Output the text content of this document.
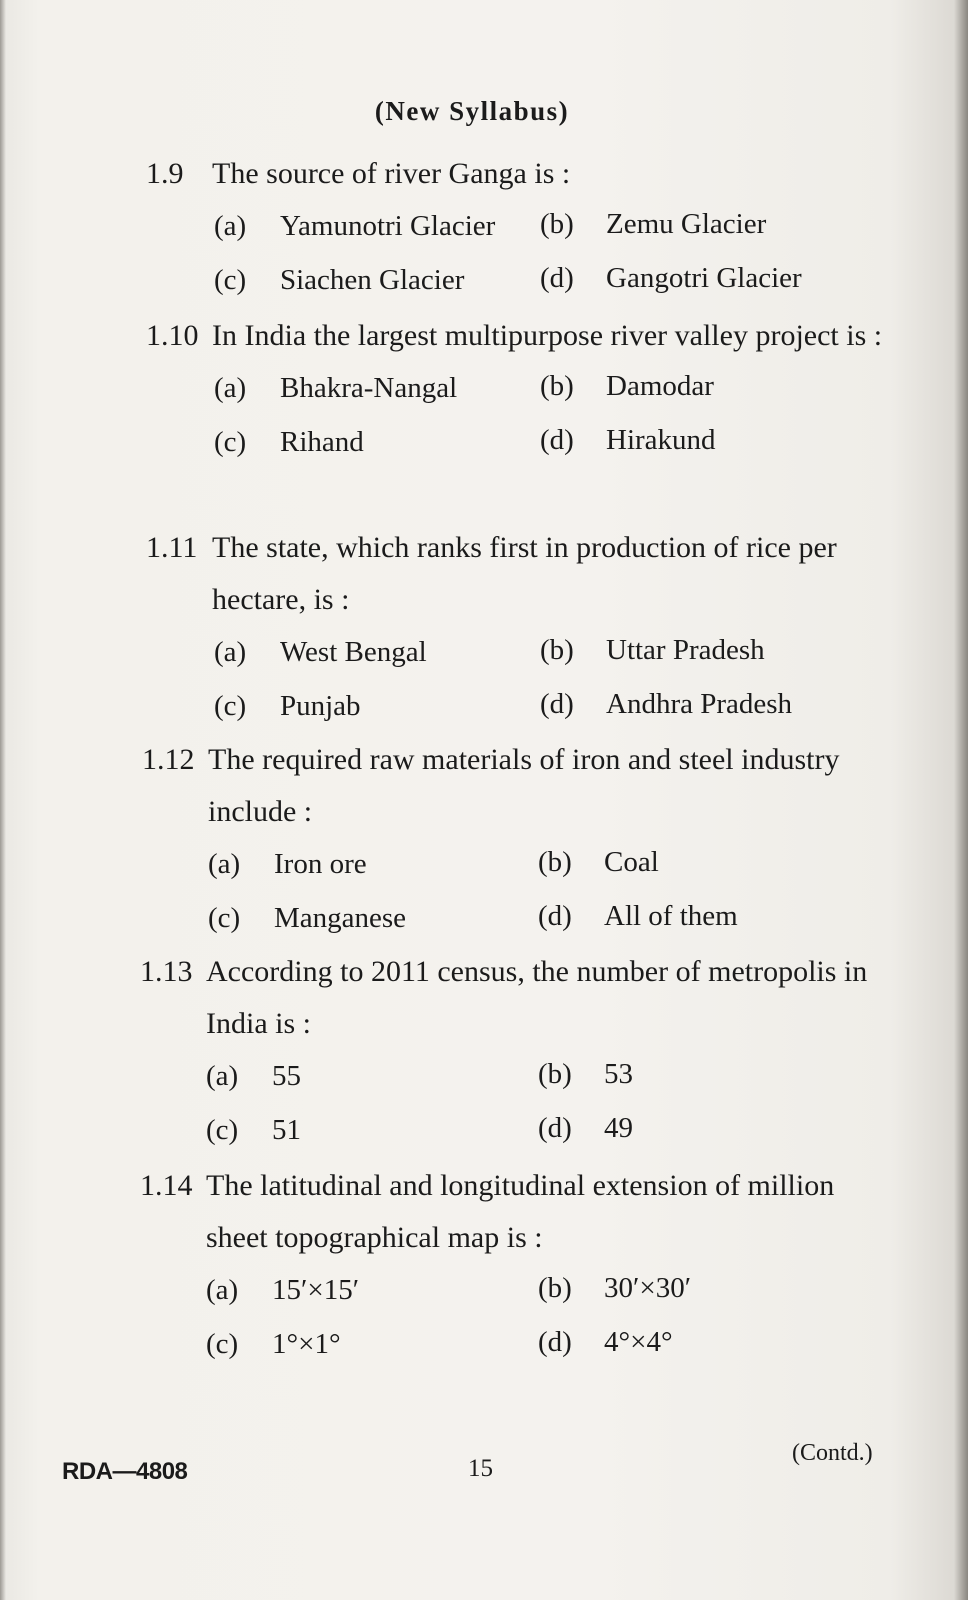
(New Syllabus)
1.9 The source of river Ganga is :
(a) Yamunotri Glacier (b) Zemu Glacier
(c) Siachen Glacier	(d) Gangotri Glacier
1.10 In India the largest multipurpose river valley project is :
(a) Bhakra-Nangal	(b) Damodar
(c) Rihand	(d) Hirakund
1.11 The state, which ranks first in production of rice per hectare, is :
(a) West Bengal	(b) Uttar Pradesh
(c) Punjab	(d) Andhra Pradesh
1.12 The required raw materials of iron and steel industry include :
(a) Iron ore	(b) Coal
(c) Manganese	(d) All of them
1.13 According to 2011 census, the number of metropolis in India is :
(a) 55	(b) 53
(c) 51	(d) 49
1.14 The latitudinal and longitudinal extension of million sheet topographical map is :
(a) 15′×15′	(b) 30′×30′
(c) 1°×1°	(d) 4°×4°
RDA—4808	15
(Contd.)
